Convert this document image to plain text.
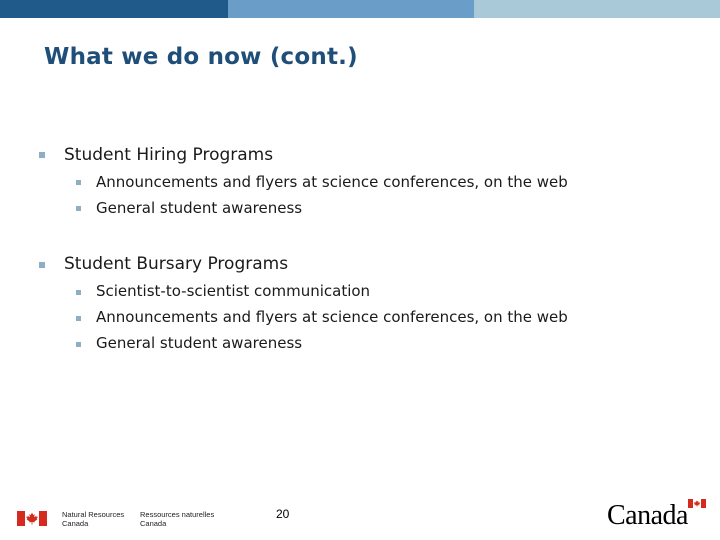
What we do now (cont.)
Student Hiring Programs
Announcements and flyers at science conferences, on the web
General student awareness
Student Bursary Programs
Scientist-to-scientist communication
Announcements and flyers at science conferences, on the web
General student awareness
Natural Resources
Canada
Ressources naturelles
Canada
20	Canada
